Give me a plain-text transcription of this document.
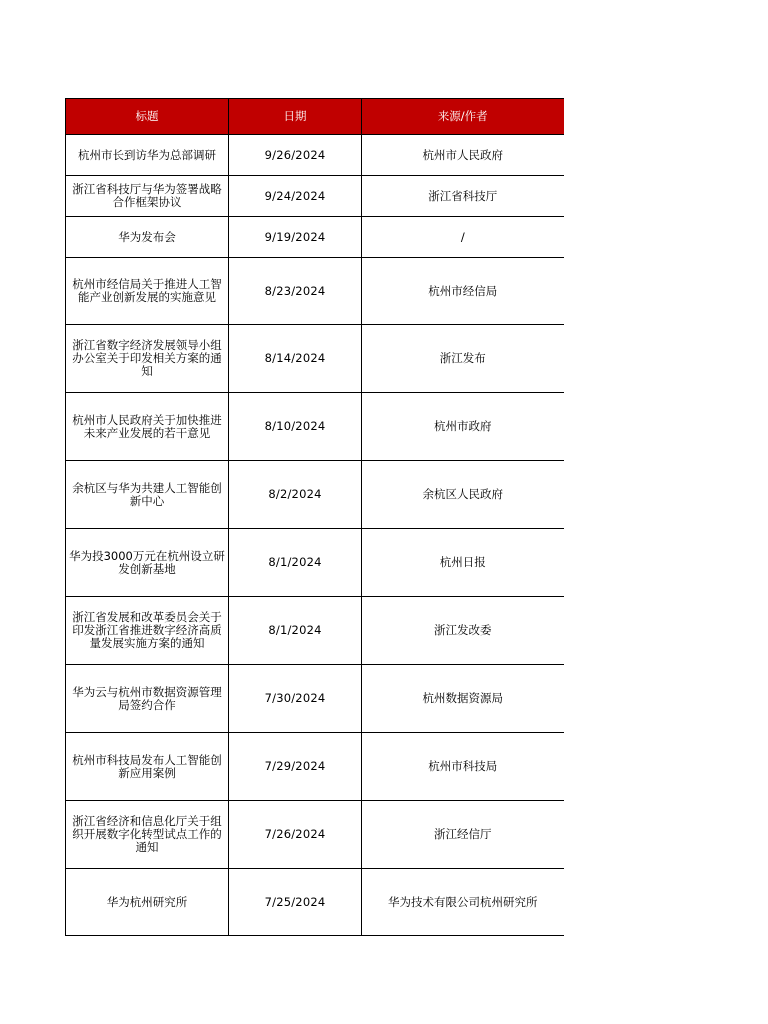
标题	日期	来源/作者
杭州市长到访华为总部调研	9/26/2024	杭州市人民政府
浙江省科技厅与华为签署战略合作框架协议	9/24/2024	浙江省科技厅
华为发布会	9/19/2024	/
杭州市经信局关于推进人工智能产业创新发展的实施意见	8/23/2024	杭州市经信局
浙江省数字经济发展领导小组办公室关于印发相关方案的通知	8/14/2024	浙江发布
杭州市人民政府关于加快推进未来产业发展的若干意见	8/10/2024	杭州市政府
余杭区与华为共建人工智能创新中心	8/2/2024	余杭区人民政府
华为投3000万元在杭州设立研发创新基地	8/1/2024	杭州日报
浙江省发展和改革委员会关于印发浙江省推进数字经济高质量发展实施方案的通知	8/1/2024	浙江发改委
华为云与杭州市数据资源管理局签约合作	7/30/2024	杭州数据资源局
杭州市科技局发布人工智能创新应用案例	7/29/2024	杭州市科技局
浙江省经济和信息化厅关于组织开展数字化转型试点工作的通知	7/26/2024	浙江经信厅
华为杭州研究所	7/25/2024	华为技术有限公司杭州研究所
